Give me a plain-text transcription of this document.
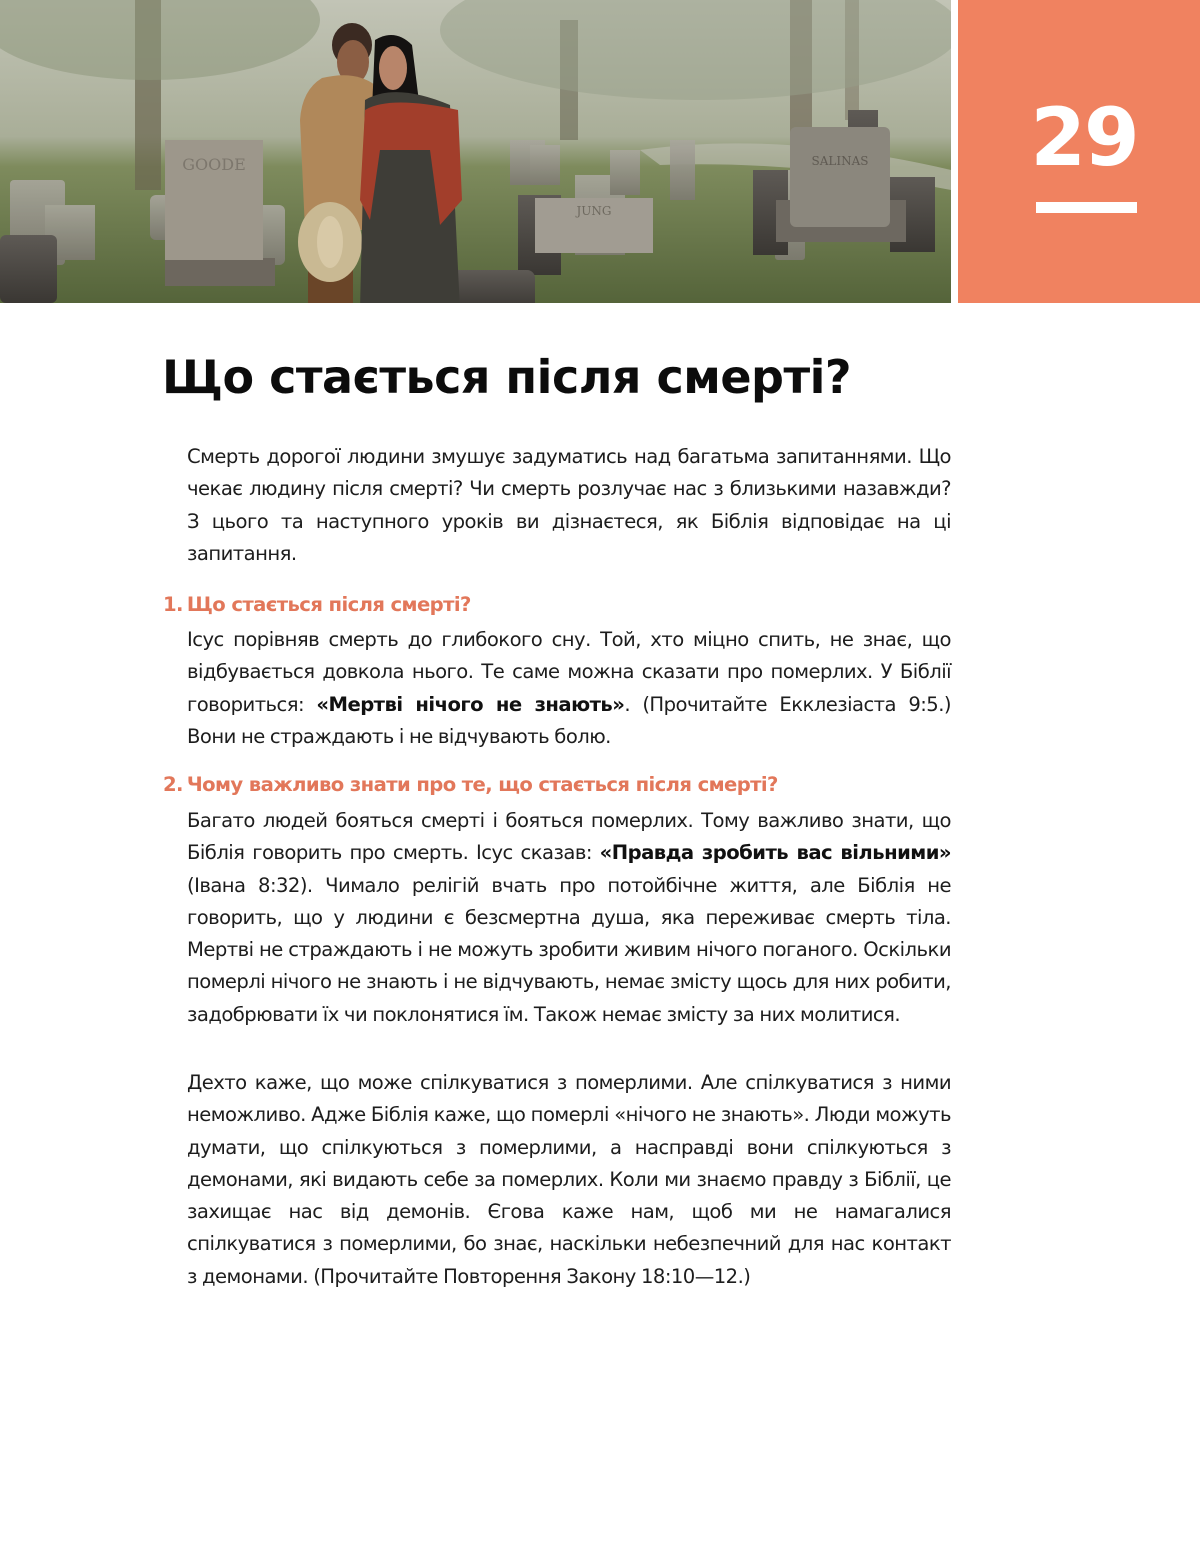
GOODE
JUNG
SALINAS	29
Що стається після смерті?

Смерть дорогої людини змушує задуматись над багатьма запитаннями. Що чекає людину після смерті? Чи смерть розлучає нас з близькими назавжди? З цього та наступного уроків ви дізнаєтеся, як Біблія відповідає на ці запитання.

1. Що стається після смерті?

Ісус порівняв смерть до глибокого сну. Той, хто міцно спить, не знає, що відбувається довкола нього. Те саме можна сказати про померлих. У Біблії говориться: «Мертві нічого не знають». (Прочитайте Екклезіаста 9:5.) Вони не страждають і не відчувають болю.

2. Чому важливо знати про те, що стається після смерті?

Багато людей бояться смерті і бояться померлих. Тому важливо знати, що Біблія говорить про смерть. Ісус сказав: «Правда зробить вас вільними» (Івана 8:32). Чимало релігій вчать про потойбічне життя, але Біблія не говорить, що у людини є безсмертна душа, яка переживає смерть тіла. Мертві не страждають і не можуть зробити живим нічого поганого. Оскільки померлі нічого не знають і не відчувають, немає змісту щось для них робити, задобрювати їх чи поклонятися їм. Також немає змісту за них молитися.

Дехто каже, що може спілкуватися з померлими. Але спілкуватися з ними неможливо. Адже Біблія каже, що померлі «нічого не знають». Люди можуть думати, що спілкуються з померлими, а насправді вони спілкуються з демонами, які видають себе за померлих. Коли ми знаємо правду з Біблії, це захищає нас від демонів. Єгова каже нам, щоб ми не намагалися спілкуватися з померлими, бо знає, наскільки небезпечний для нас контакт з демонами. (Прочитайте Повторення Закону 18:10—12.)
